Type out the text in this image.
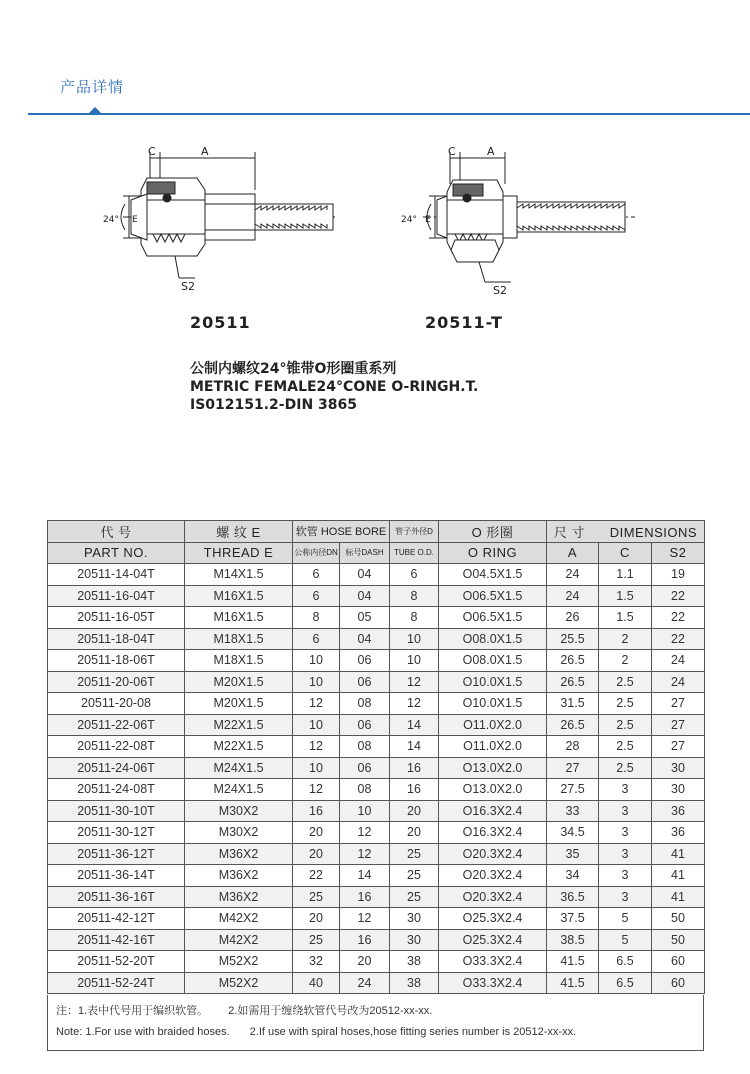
产品详情
C	A
24° E
S2
20511
C	A
24° E
S2
20511-T
公制内螺纹24°锥带O形圈重系列
METRIC FEMALE24°CONE O-RINGH.T.
IS012151.2-DIN 3865
代 号	螺 纹 E	软管 HOSE BORE		管子外径D	O 形圈	尺 寸 DIMENSIONS		
PART NO.	THREAD E	公称内径DN	标号DASH	TUBE O.D.	O RING	A	C	S2
20511-14-04T	M14X1.5	6	04	6	O04.5X1.5	24	1.1	19
20511-16-04T	M16X1.5	6	04	8	O06.5X1.5	24	1.5	22
20511-16-05T	M16X1.5	8	05	8	O06.5X1.5	26	1.5	22
20511-18-04T	M18X1.5	6	04	10	O08.0X1.5	25.5	2	22
20511-18-06T	M18X1.5	10	06	10	O08.0X1.5	26.5	2	24
20511-20-06T	M20X1.5	10	06	12	O10.0X1.5	26.5	2.5	24
20511-20-08	M20X1.5	12	08	12	O10.0X1.5	31.5	2.5	27
20511-22-06T	M22X1.5	10	06	14	O11.0X2.0	26.5	2.5	27
20511-22-08T	M22X1.5	12	08	14	O11.0X2.0	28	2.5	27
20511-24-06T	M24X1.5	10	06	16	O13.0X2.0	27	2.5	30
20511-24-08T	M24X1.5	12	08	16	O13.0X2.0	27.5	3	30
20511-30-10T	M30X2	16	10	20	O16.3X2.4	33	3	36
20511-30-12T	M30X2	20	12	20	O16.3X2.4	34.5	3	36
20511-36-12T	M36X2	20	12	25	O20.3X2.4	35	3	41
20511-36-14T	M36X2	22	14	25	O20.3X2.4	34	3	41
20511-36-16T	M36X2	25	16	25	O20.3X2.4	36.5	3	41
20511-42-12T	M42X2	20	12	30	O25.3X2.4	37.5	5	50
20511-42-16T	M42X2	25	16	30	O25.3X2.4	38.5	5	50
20511-52-20T	M52X2	32	20	38	O33.3X2.4	41.5	6.5	60
20511-52-24T	M52X2	40	24	38	O33.3X2.4	41.5	6.5	60
注：1.表中代号用于编织软管。 2.如需用于缠绕软管代号改为20512-xx-xx.
Note: 1.For use with braided hoses. 2.If use with spiral hoses,hose fitting series number is 20512-xx-xx.
